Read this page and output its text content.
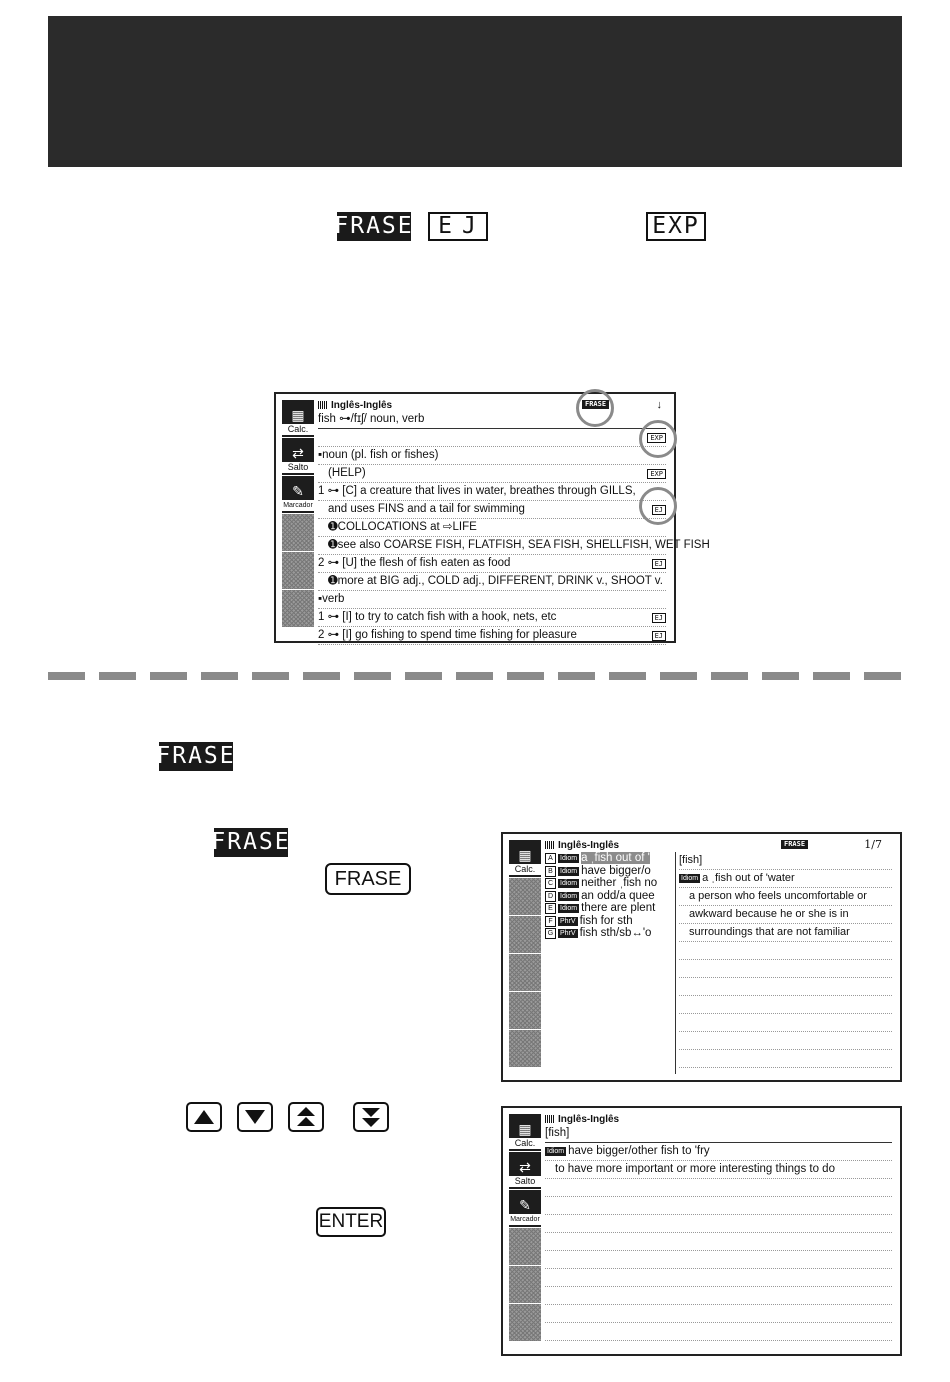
FRASE	EJ	EXP
▦
Calc.
⇄
Salto
✎
Marcador
Inglês-Inglês	FRASE	↓
fish ⊶/fɪʃ/ noun, verb
EXP
▪noun (pl. fish or fishes)
(HELP)	EXP
1 ⊶ [C] a creature that lives in water, breathes through GILLS,
and uses FINS and a tail for swimming	EJ
➊COLLOCATIONS at ⇨LIFE
➊see also COARSE FISH, FLATFISH, SEA FISH, SHELLFISH, WET FISH
2 ⊶ [U] the flesh of fish eaten as food	EJ
➊more at BIG adj., COLD adj., DIFFERENT, DRINK v., SHOOT v.
▪verb
1 ⊶ [I] to try to catch fish with a hook, nets, etc	EJ
2 ⊶ [I] go fishing to spend time fishing for pleasure	EJ
FRASE
FRASE
FRASE
▦
Calc.
Inglês-Inglês	FRASE	1/7
A Idiom a ˌfish out of '
B Idiom have bigger/o
C Idiom neither ˌfish no
D Idiom an odd/a quee
E Idiom there are plent
F PhrV fish for sth
G PhrV fish sth/sb↔'o
[fish]
Idiom a ˌfish out of 'water
a person who feels uncomfortable or
awkward because he or she is in
surroundings that are not familiar
ENTER
▦
Calc.
⇄
Salto
✎
Marcador
Inglês-Inglês
[fish]
Idiom have bigger/other fish to 'fry
to have more important or more interesting things to do
